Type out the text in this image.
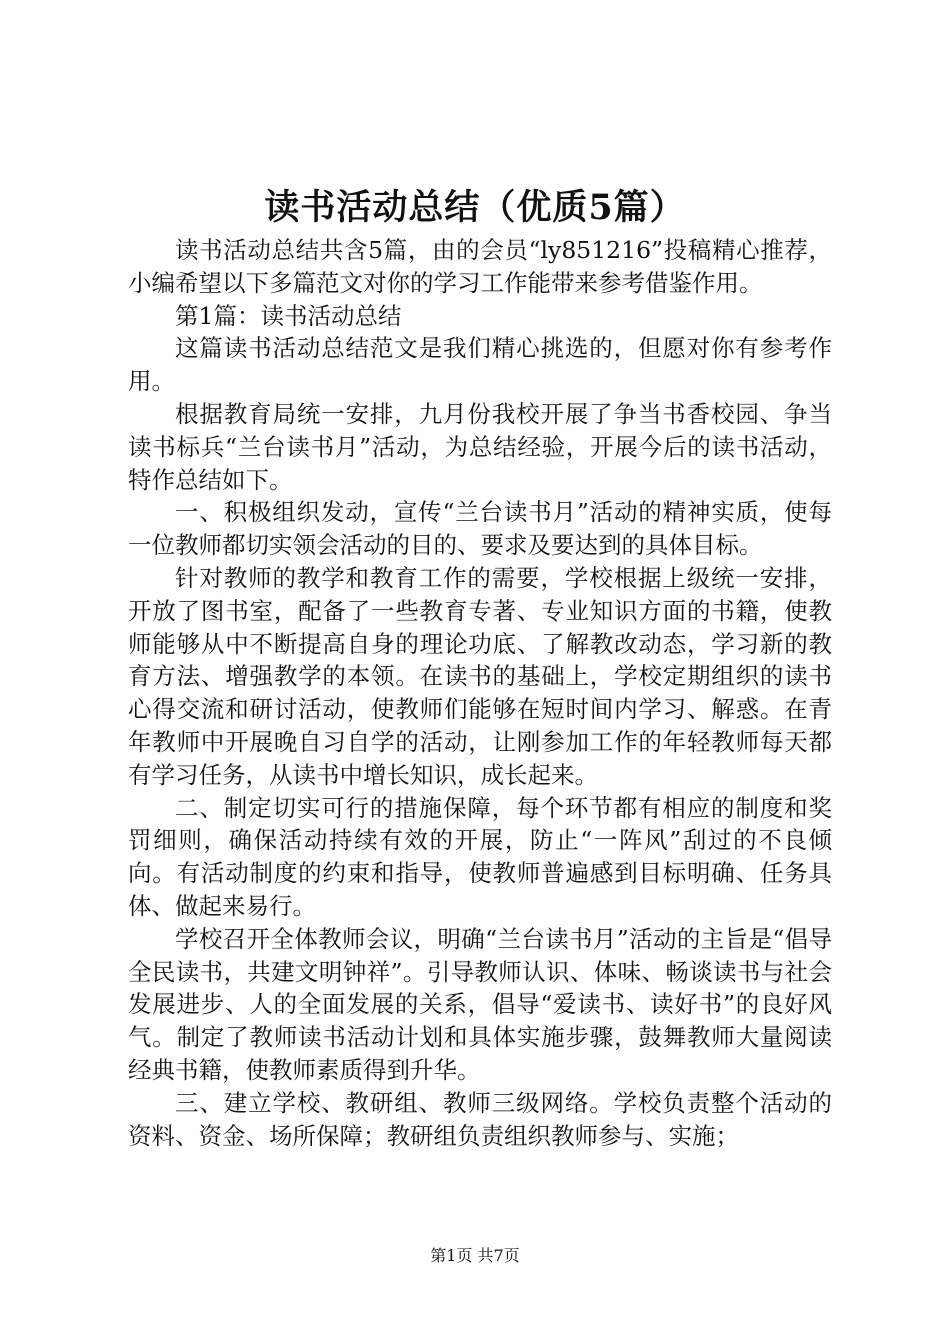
读书活动总结（优质5篇）

读书活动总结共含5篇，由的会员“ly851216”投稿精心推荐，小编希望以下多篇范文对你的学习工作能带来参考借鉴作用。

第1篇：读书活动总结

这篇读书活动总结范文是我们精心挑选的，但愿对你有参考作用。

根据教育局统一安排，九月份我校开展了争当书香校园、争当读书标兵“兰台读书月”活动，为总结经验，开展今后的读书活动，特作总结如下。

一、积极组织发动，宣传“兰台读书月”活动的精神实质，使每一位教师都切实领会活动的目的、要求及要达到的具体目标。

针对教师的教学和教育工作的需要，学校根据上级统一安排，开放了图书室，配备了一些教育专著、专业知识方面的书籍，使教师能够从中不断提高自身的理论功底、了解教改动态，学习新的教育方法、增强教学的本领。在读书的基础上，学校定期组织的读书心得交流和研讨活动，使教师们能够在短时间内学习、解惑。在青年教师中开展晚自习自学的活动，让刚参加工作的年轻教师每天都有学习任务，从读书中增长知识，成长起来。

二、制定切实可行的措施保障，每个环节都有相应的制度和奖罚细则，确保活动持续有效的开展，防止“一阵风”刮过的不良倾向。有活动制度的约束和指导，使教师普遍感到目标明确、任务具体、做起来易行。

学校召开全体教师会议，明确“兰台读书月”活动的主旨是“倡导全民读书，共建文明钟祥”。引导教师认识、体味、畅谈读书与社会发展进步、人的全面发展的关系，倡导“爱读书、读好书”的良好风气。制定了教师读书活动计划和具体实施步骤，鼓舞教师大量阅读经典书籍，使教师素质得到升华。

三、建立学校、教研组、教师三级网络。学校负责整个活动的资料、资金、场所保障；教研组负责组织教师参与、实施；

第1页 共7页
